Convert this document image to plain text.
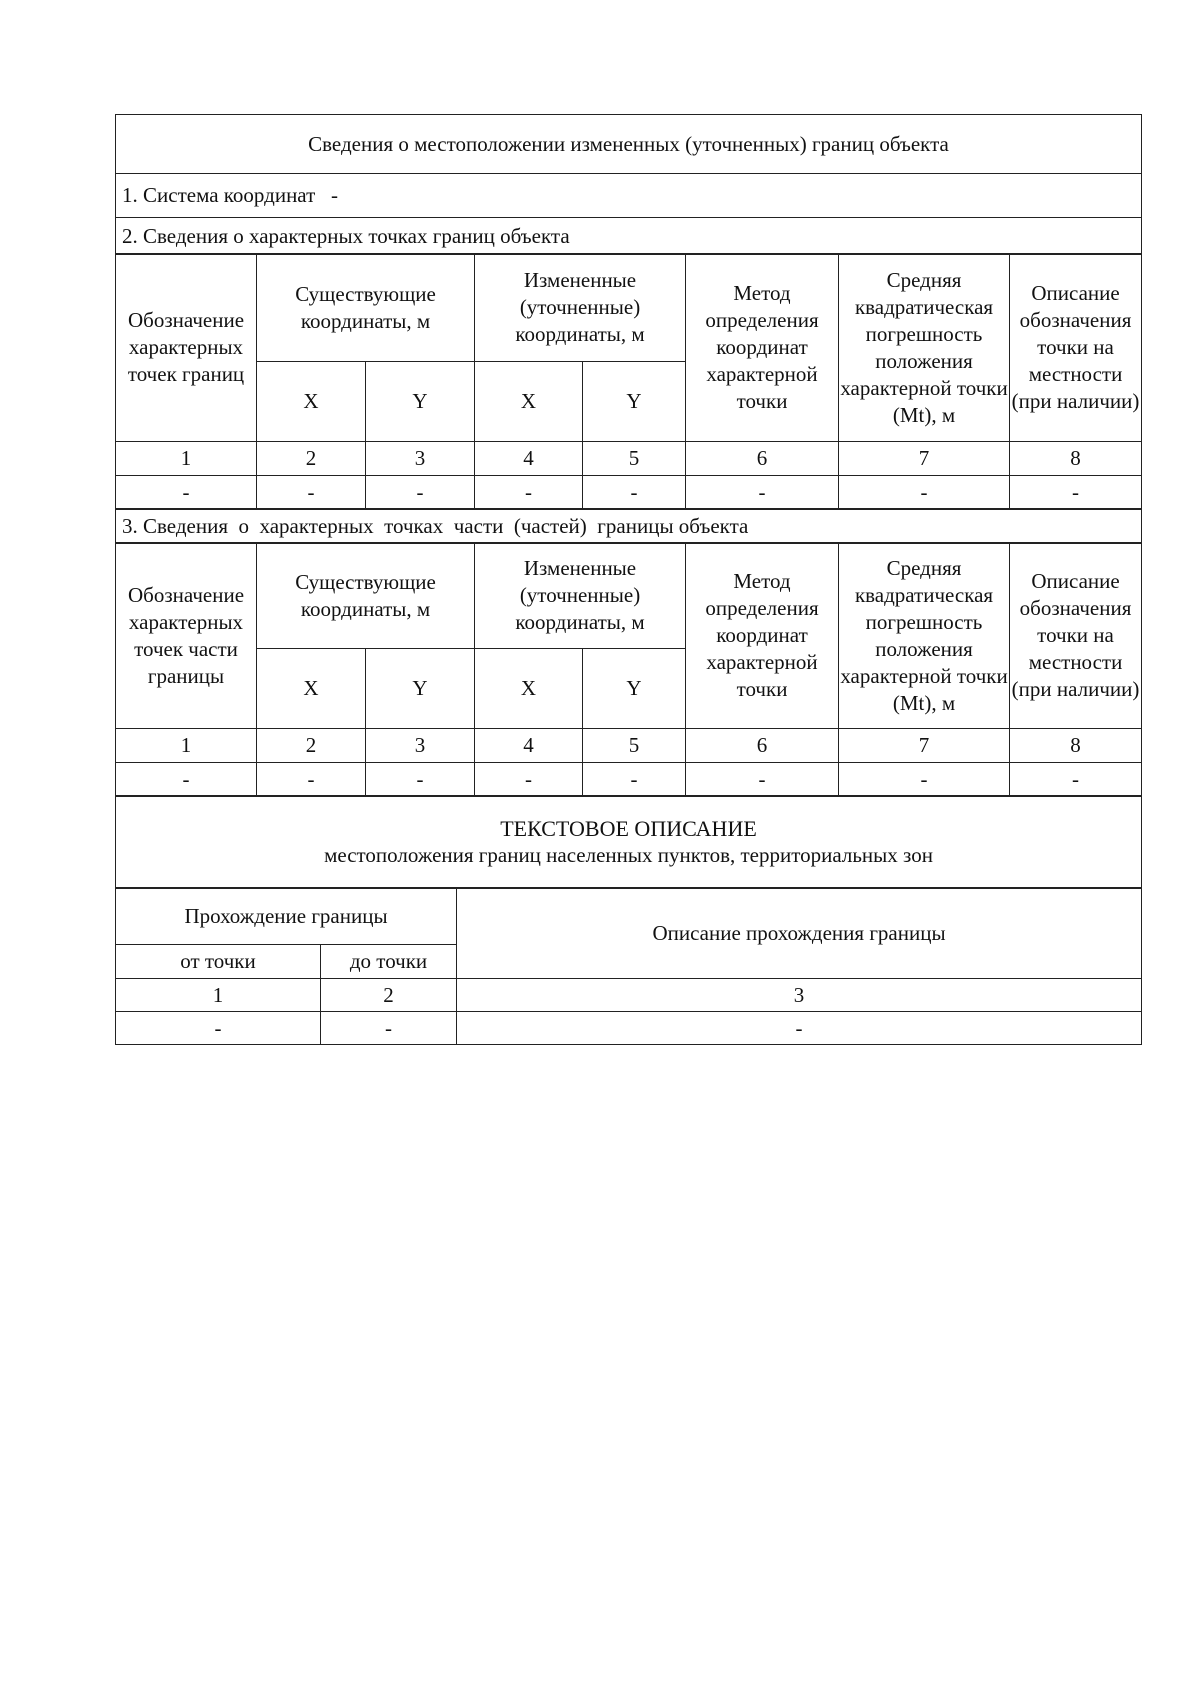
Сведения о местоположении измененных (уточненных) границ объекта
1. Система координат -
2. Сведения о характерных точках границ объекта
Обозначение характерных точек границ	Существующие координаты, м		Измененные (уточненные) координаты, м		Метод определения координат характерной точки	Средняя квадратическая погрешность положения характерной точки (Mt), м	Описание обозначения точки на местности (при наличии)
	X	Y	X	Y			
1	2	3	4	5	6	7	8
-	-	-	-	-	-	-	-
3. Сведения  о  характерных  точках  части  (частей)  границы объекта
Обозначение характерных точек части границы	Существующие координаты, м		Измененные (уточненные) координаты, м		Метод определения координат характерной точки	Средняя квадратическая погрешность положения характерной точки (Mt), м	Описание обозначения точки на местности (при наличии)
	X	Y	X	Y			
1	2	3	4	5	6	7	8
-	-	-	-	-	-	-	-
ТЕКСТОВОЕ ОПИСАНИЕ
местоположения границ населенных пунктов, территориальных зон
Прохождение границы		Описание прохождения границы
от точки	до точки	
1	2	3
-	-	-
